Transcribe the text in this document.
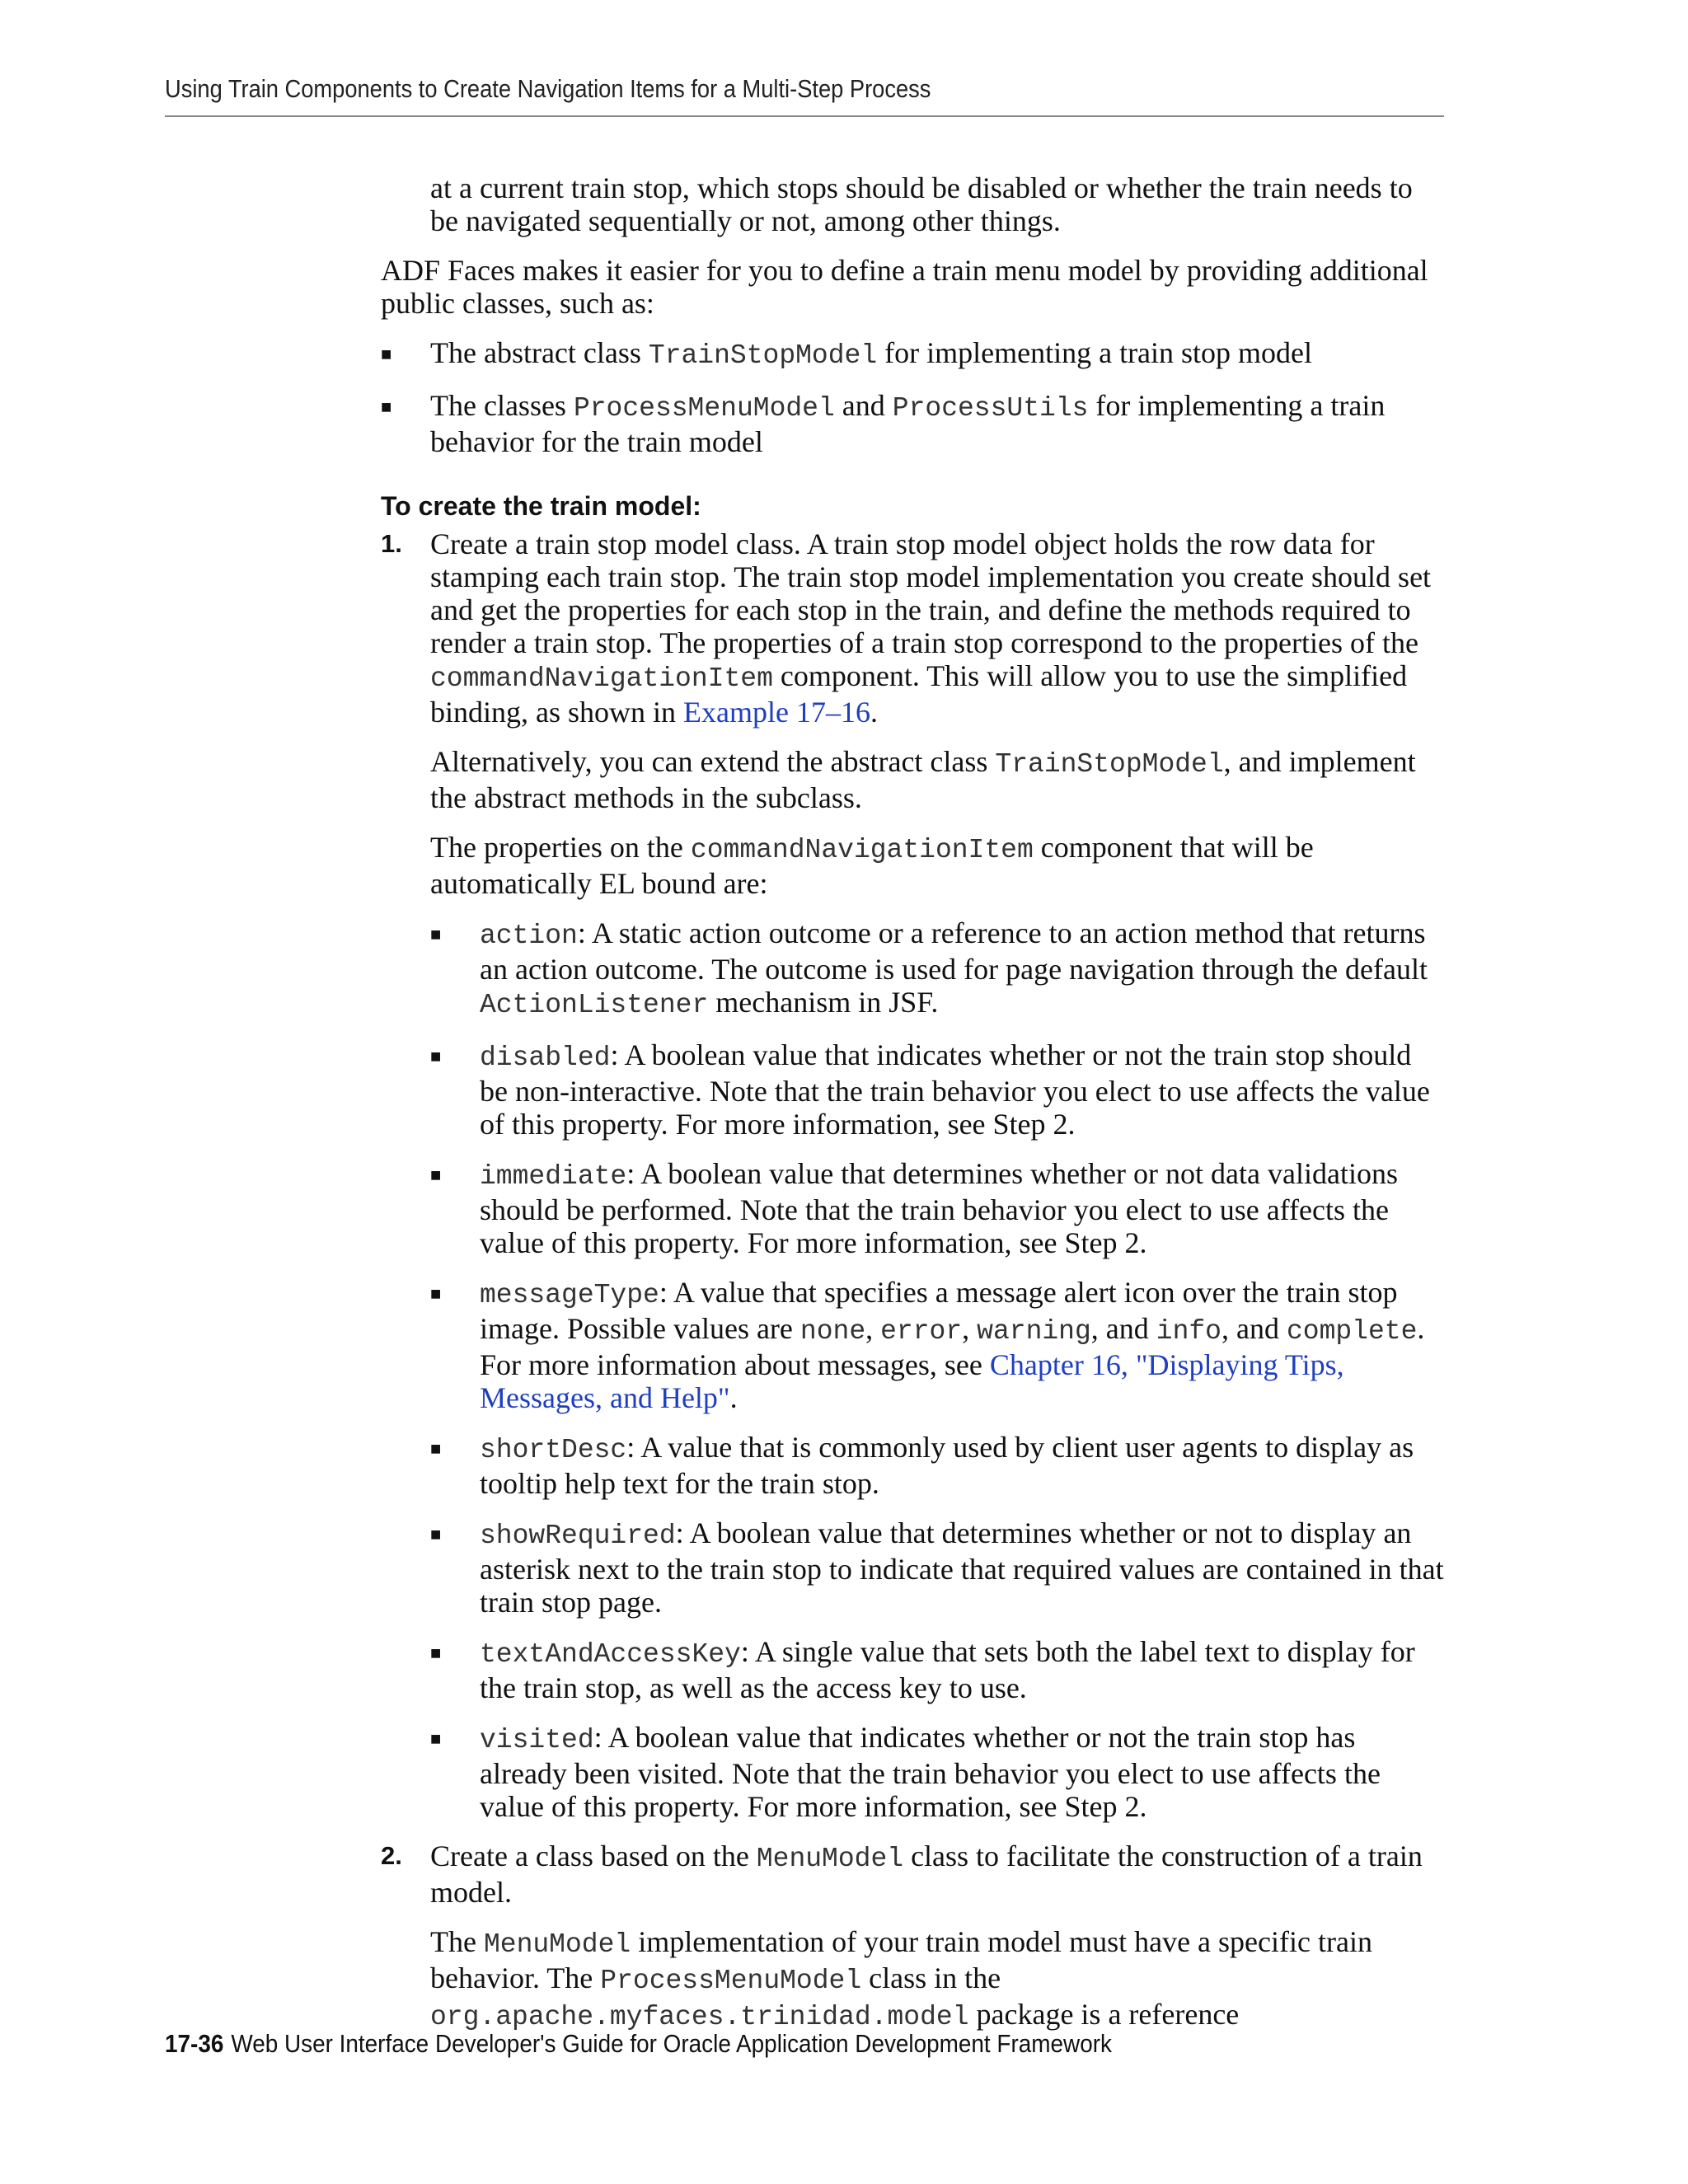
Using Train Components to Create Navigation Items for a Multi-Step Process

at a current train stop, which stops should be disabled or whether the train needs to be navigated sequentially or not, among other things.

ADF Faces makes it easier for you to define a train menu model by providing additional public classes, such as:

■ The abstract class TrainStopModel for implementing a train stop model

■ The classes ProcessMenuModel and ProcessUtils for implementing a train behavior for the train model

To create the train model:
1. Create a train stop model class. A train stop model object holds the row data for stamping each train stop. The train stop model implementation you create should set and get the properties for each stop in the train, and define the methods required to render a train stop. The properties of a train stop correspond to the properties of the commandNavigationItem component. This will allow you to use the simplified binding, as shown in Example 17–16.

Alternatively, you can extend the abstract class TrainStopModel, and implement the abstract methods in the subclass.

The properties on the commandNavigationItem component that will be automatically EL bound are:

■ action: A static action outcome or a reference to an action method that returns an action outcome. The outcome is used for page navigation through the default ActionListener mechanism in JSF.

■ disabled: A boolean value that indicates whether or not the train stop should be non-interactive. Note that the train behavior you elect to use affects the value of this property. For more information, see Step 2.

■ immediate: A boolean value that determines whether or not data validations should be performed. Note that the train behavior you elect to use affects the value of this property. For more information, see Step 2.

■ messageType: A value that specifies a message alert icon over the train stop image. Possible values are none, error, warning, and info, and complete. For more information about messages, see Chapter 16, "Displaying Tips, Messages, and Help".

■ shortDesc: A value that is commonly used by client user agents to display as tooltip help text for the train stop.

■ showRequired: A boolean value that determines whether or not to display an asterisk next to the train stop to indicate that required values are contained in that train stop page.

■ textAndAccessKey: A single value that sets both the label text to display for the train stop, as well as the access key to use.

■ visited: A boolean value that indicates whether or not the train stop has already been visited. Note that the train behavior you elect to use affects the value of this property. For more information, see Step 2.

2. Create a class based on the MenuModel class to facilitate the construction of a train model.

The MenuModel implementation of your train model must have a specific train behavior. The ProcessMenuModel class in the org.apache.myfaces.trinidad.model package is a reference

17-36 Web User Interface Developer's Guide for Oracle Application Development Framework
